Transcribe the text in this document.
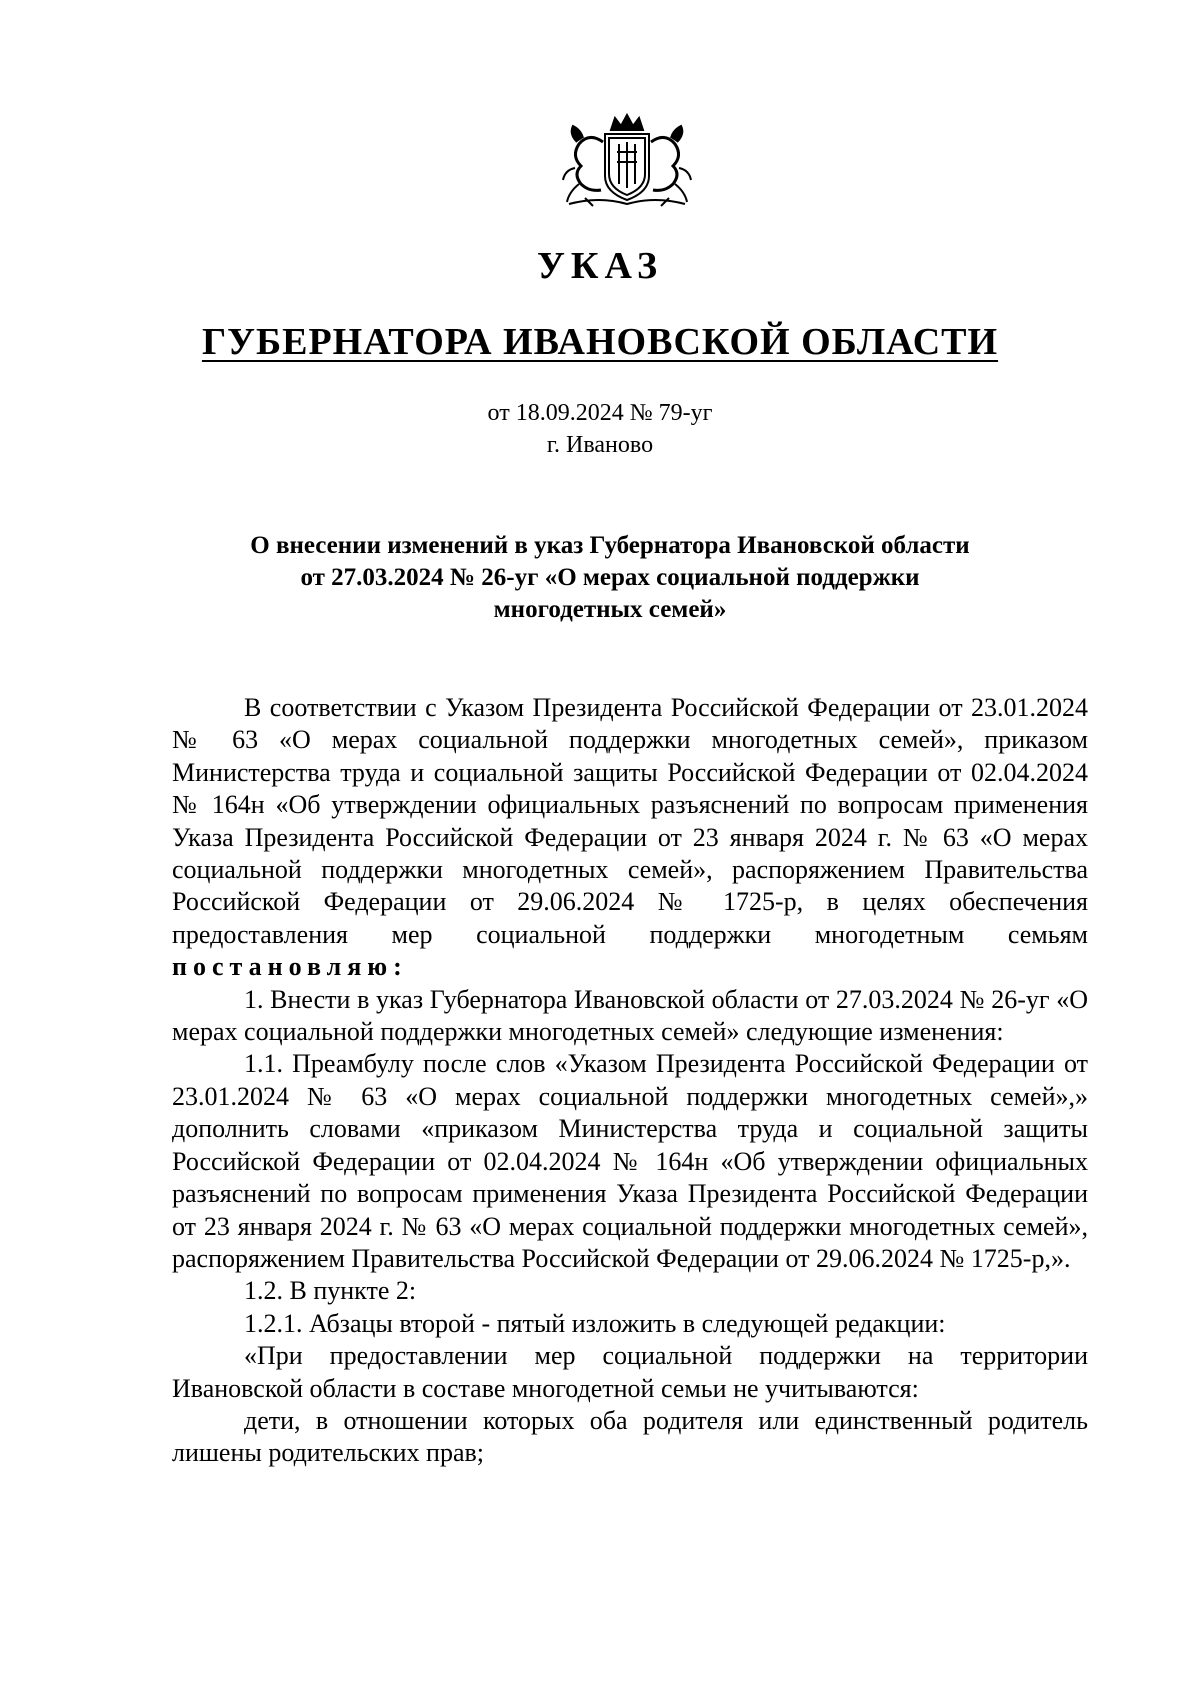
УКАЗ
ГУБЕРНАТОРА ИВАНОВСКОЙ ОБЛАСТИ
от 18.09.2024 № 79-уг
г. Иваново
О внесении изменений в указ Губернатора Ивановской области
от 27.03.2024 № 26-уг «О мерах социальной поддержки
многодетных семей»

В соответствии с Указом Президента Российской Федерации от 23.01.2024 № 63 «О мерах социальной поддержки многодетных семей», приказом Министерства труда и социальной защиты Российской Федерации от 02.04.2024 № 164н «Об утверждении официальных разъяснений по вопросам применения Указа Президента Российской Федерации от 23 января 2024 г. № 63 «О мерах социальной поддержки многодетных семей», распоряжением Правительства Российской Федерации от 29.06.2024 № 1725-р, в целях обеспечения предоставления мер социальной поддержки многодетным семьям постановляю:

1. Внести в указ Губернатора Ивановской области от 27.03.2024 № 26-уг «О мерах социальной поддержки многодетных семей» следующие изменения:

1.1. Преамбулу после слов «Указом Президента Российской Федерации от 23.01.2024 № 63 «О мерах социальной поддержки многодетных семей»,» дополнить словами «приказом Министерства труда и социальной защиты Российской Федерации от 02.04.2024 № 164н «Об утверждении официальных разъяснений по вопросам применения Указа Президента Российской Федерации от 23 января 2024 г. № 63 «О мерах социальной поддержки многодетных семей», распоряжением Правительства Российской Федерации от 29.06.2024 № 1725-р,».

1.2. В пункте 2:

1.2.1. Абзацы второй - пятый изложить в следующей редакции:

«При предоставлении мер социальной поддержки на территории Ивановской области в составе многодетной семьи не учитываются:

дети, в отношении которых оба родителя или единственный родитель лишены родительских прав;
